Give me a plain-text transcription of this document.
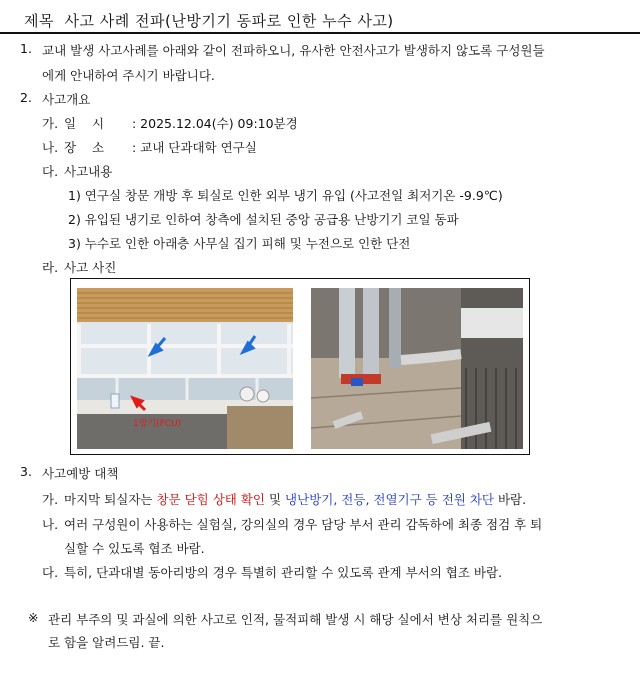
제목 사고 사례 전파(난방기기 동파로 인한 누수 사고)
1. 교내 발생 사고사례를 아래와 같이 전파하오니, 유사한 안전사고가 발생하지 않도록 구성원들
에게 안내하여 주시기 바랍니다.
2. 사고개요
가. 일    시 : 2025.12.04(수) 09:10분경
나. 장    소 : 교내 단과대학 연구실
다. 사고내용
1) 연구실 창문 개방 후 퇴실로 인한 외부 냉기 유입 (사고전일 최저기온 -9.9℃)
2) 유입된 냉기로 인하여 창측에 설치된 중앙 공급용 난방기기 코일 동파
3) 누수로 인한 아래층 사무실 집기 피해 및 누전으로 인한 단전
라. 사고 사진
1방기(FCU)
3. 사고예방 대책
가. 마지막 퇴실자는 창문 닫힘 상태 확인 및 냉난방기, 전등, 전열기구 등 전원 차단 바람.
나. 여러 구성원이 사용하는 실험실, 강의실의 경우 담당 부서 관리 감독하에 최종 점검 후 퇴
실할 수 있도록 협조 바람.
다. 특히, 단과대별 동아리방의 경우 특별히 관리할 수 있도록 관계 부서의 협조 바람.
※ 관리 부주의 및 과실에 의한 사고로 인적, 물적피해 발생 시 해당 실에서 변상 처리를 원칙으
로 함을 알려드림. 끝.
